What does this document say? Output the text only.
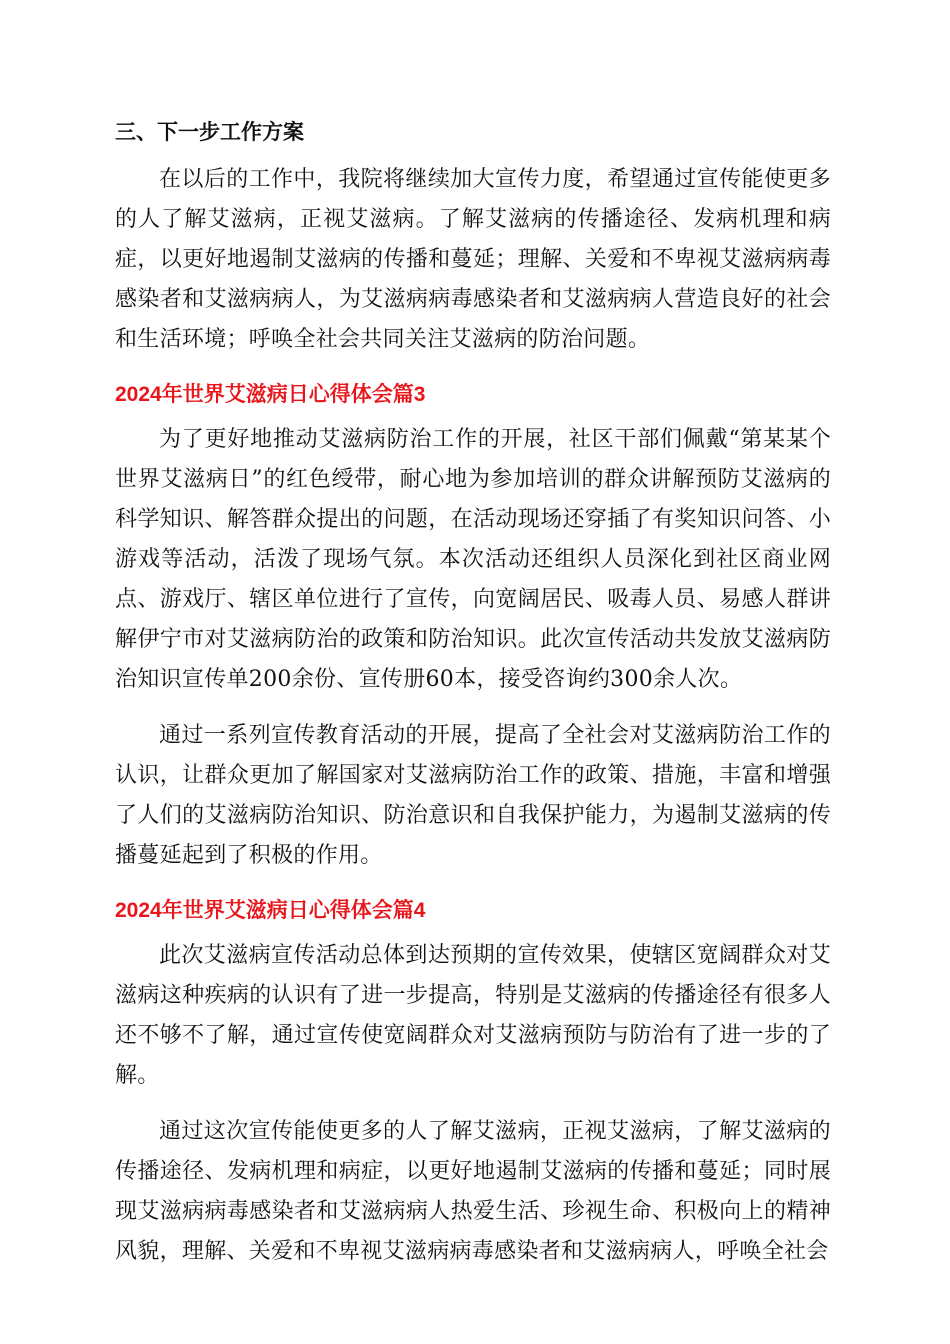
三、下一步工作方案

在以后的工作中，我院将继续加大宣传力度，希望通过宣传能使更多的人了解艾滋病，正视艾滋病。了解艾滋病的传播途径、发病机理和病症，以更好地遏制艾滋病的传播和蔓延；理解、关爱和不卑视艾滋病病毒感染者和艾滋病病人，为艾滋病病毒感染者和艾滋病病人营造良好的社会和生活环境；呼唤全社会共同关注艾滋病的防治问题。

2024年世界艾滋病日心得体会篇3

为了更好地推动艾滋病防治工作的开展，社区干部们佩戴“第某某个世界艾滋病日”的红色绶带，耐心地为参加培训的群众讲解预防艾滋病的科学知识、解答群众提出的问题，在活动现场还穿插了有奖知识问答、小游戏等活动，活泼了现场气氛。本次活动还组织人员深化到社区商业网点、游戏厅、辖区单位进行了宣传，向宽阔居民、吸毒人员、易感人群讲解伊宁市对艾滋病防治的政策和防治知识。此次宣传活动共发放艾滋病防治知识宣传单200余份、宣传册60本，接受咨询约300余人次。

通过一系列宣传教育活动的开展，提高了全社会对艾滋病防治工作的认识，让群众更加了解国家对艾滋病防治工作的政策、措施，丰富和增强了人们的艾滋病防治知识、防治意识和自我保护能力，为遏制艾滋病的传播蔓延起到了积极的作用。

2024年世界艾滋病日心得体会篇4

此次艾滋病宣传活动总体到达预期的宣传效果，使辖区宽阔群众对艾滋病这种疾病的认识有了进一步提高，特别是艾滋病的传播途径有很多人还不够不了解，通过宣传使宽阔群众对艾滋病预防与防治有了进一步的了解。

通过这次宣传能使更多的人了解艾滋病，正视艾滋病，了解艾滋病的传播途径、发病机理和病症，以更好地遏制艾滋病的传播和蔓延；同时展现艾滋病病毒感染者和艾滋病病人热爱生活、珍视生命、积极向上的精神风貌，理解、关爱和不卑视艾滋病病毒感染者和艾滋病病人，呼唤全社会
